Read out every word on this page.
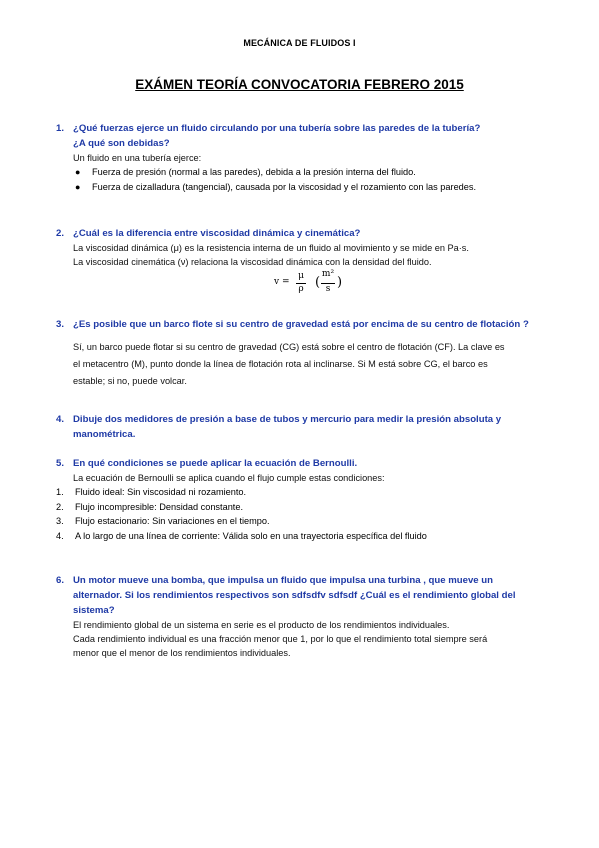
MECÁNICA DE FLUIDOS I
EXÁMEN TEORÍA CONVOCATORIA FEBRERO 2015
1. ¿Qué fuerzas ejerce un fluido circulando por una tubería sobre las paredes de la tubería?
¿A qué son debidas?

Un fluido en una tubería ejerce:

● Fuerza de presión (normal a las paredes), debida a la presión interna del fluido.
● Fuerza de cizalladura (tangencial), causada por la viscosidad y el rozamiento con las paredes.
2. ¿Cuál es la diferencia entre viscosidad dinámica y cinemática?

La viscosidad dinámica (μ) es la resistencia interna de un fluido al movimiento y se mide en Pa·s.

La viscosidad cinemática (ν) relaciona la viscosidad dinámica con la densidad del fluido.

v =
μ
ρ (
m²
s )
3. ¿Es posible que un barco flote si su centro de gravedad está por encima de su centro de flotación ?

Sí, un barco puede flotar si su centro de gravedad (CG) está sobre el centro de flotación (CF). La clave es

el metacentro (M), punto donde la línea de flotación rota al inclinarse. Si M está sobre CG, el barco es

estable; si no, puede volcar.

4. Dibuje dos medidores de presión a base de tubos y mercurio para medir la presión absoluta y
manométrica.
5. En qué condiciones se puede aplicar la ecuación de Bernoulli.

La ecuación de Bernoulli se aplica cuando el flujo cumple estas condiciones:

1.	Fluido ideal: Sin viscosidad ni rozamiento.
2.	Flujo incompresible: Densidad constante.
3.	Flujo estacionario: Sin variaciones en el tiempo.
4.	A lo largo de una línea de corriente: Válida solo en una trayectoria específica del fluido
6. Un motor mueve una bomba, que impulsa un fluido que impulsa una turbina , que mueve un
alternador. Si los rendimientos respectivos son sdfsdfv sdfsdf ¿Cuál es el rendimiento global del
sistema?

El rendimiento global de un sistema en serie es el producto de los rendimientos individuales.

Cada rendimiento individual es una fracción menor que 1, por lo que el rendimiento total siempre será

menor que el menor de los rendimientos individuales.
